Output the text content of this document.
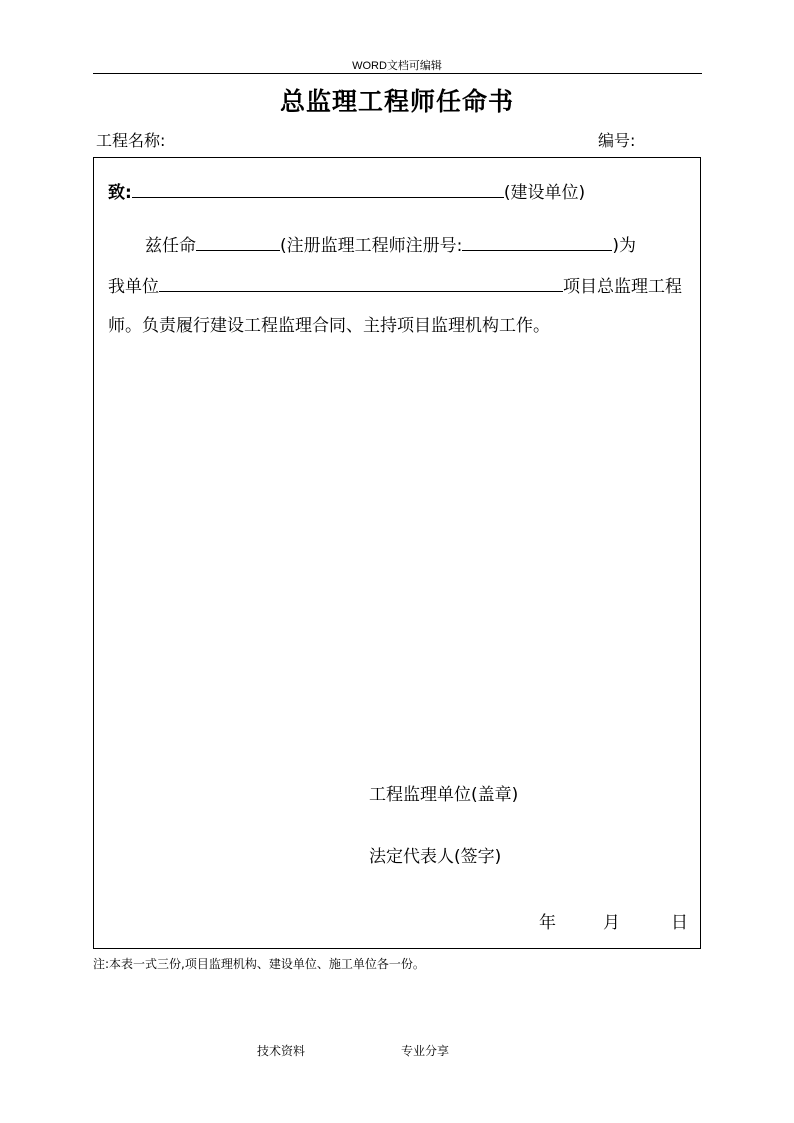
WORD文档可编辑
总监理工程师任命书
工程名称:	编号:
致:	(建设单位)
兹任命	(注册监理工程师注册号:	)为
我单位	项目总监理工程
师。负责履行建设工程监理合同、主持项目监理机构工作。
工程监理单位(盖章)
法定代表人(签字)
年	月	日
注:本表一式三份,项目监理机构、建设单位、施工单位各一份。
技术资料	专业分享
